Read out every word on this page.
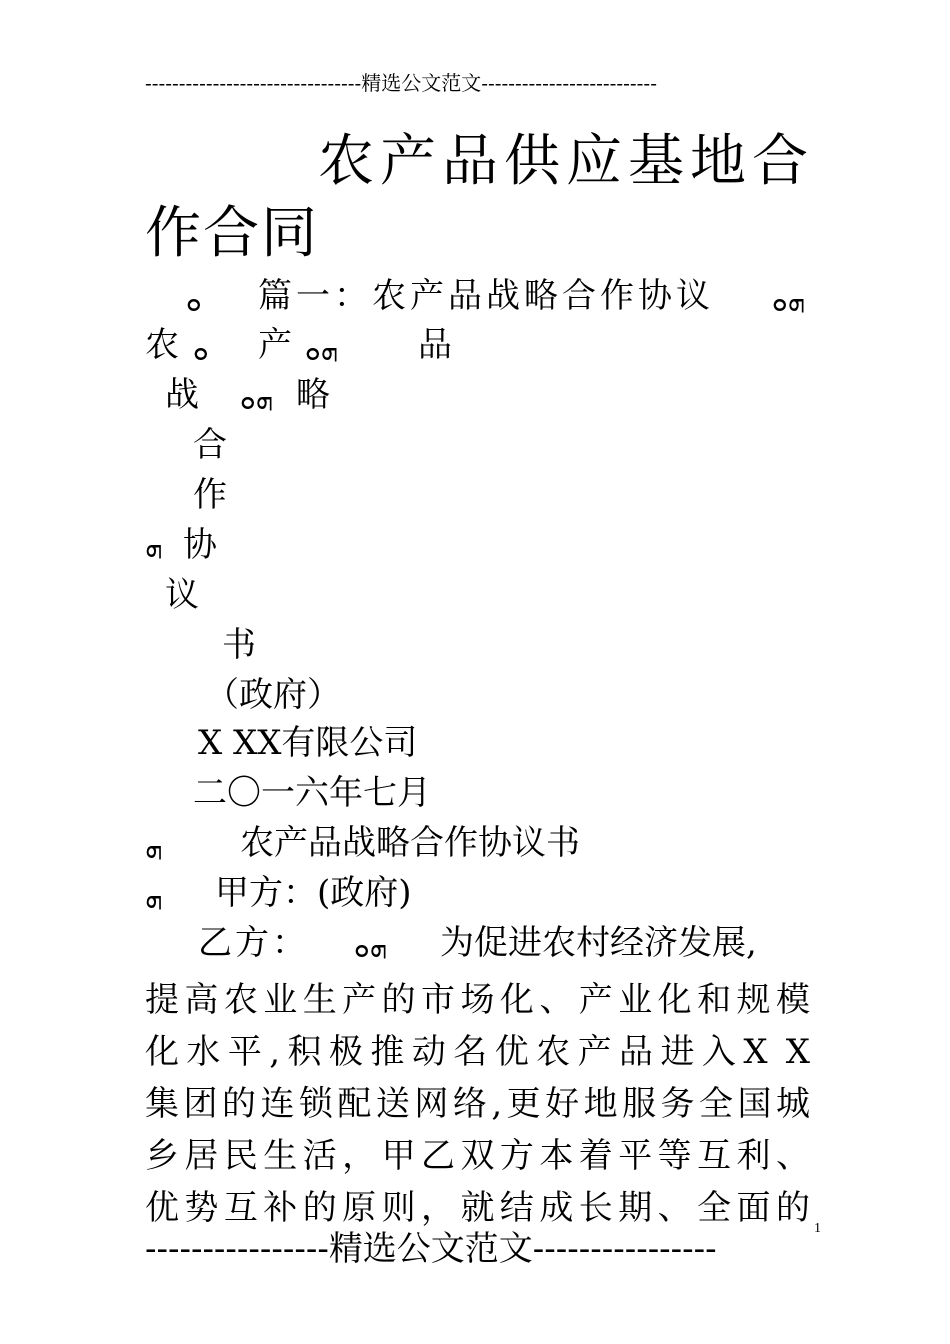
--------------------------------精选公文范文--------------------------
农产品供应基地合
作合同
ܘ 篇一：农产品战略合作协议 ܗܘ
农 ܘ 产 ܗܘ 品
战 ܗܘ 略
合
作
ܗ 协
议
书
（政府）
X XX有限公司
二〇一六年七月
ܗ 农产品战略合作协议书
ܗ 甲方：(政府)
乙方： ܗܘ 为促进农村经济发展,
提高农业生产的市场化、产业化和规模
化水平,积极推动名优农产品进入X X
集团的连锁配送网络,更好地服务全国城
乡居民生活，甲乙双方本着平等互利、
优势互补的原则，就结成长期、全面的
----------------精选公文范文----------------
1
